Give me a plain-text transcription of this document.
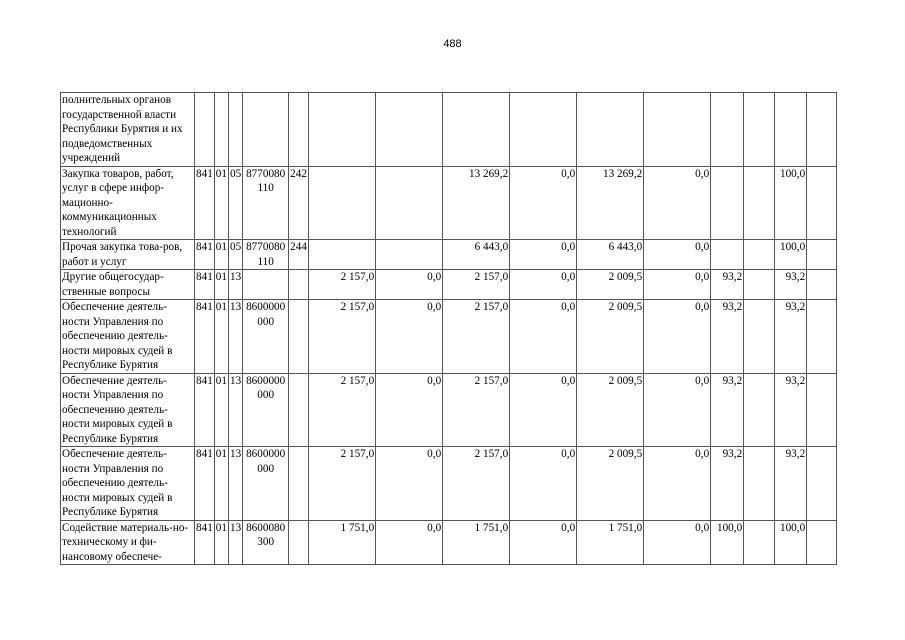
488
полнительных органов государственной власти Республики Бурятия и их подведомственных учреждений															
Закупка товаров, работ, услуг в сфере инфор-мационно-коммуникационных технологий	841	01	05	8770080110	242			13 269,2	0,0	13 269,2	0,0			100,0	
Прочая закупка това-ров, работ и услуг	841	01	05	8770080110	244			6 443,0	0,0	6 443,0	0,0			100,0	
Другие общегосудар-ственные вопросы	841	01	13			2 157,0	0,0	2 157,0	0,0	2 009,5	0,0	93,2		93,2	
Обеспечение деятель-ности Управления по обеспечению деятель-ности мировых судей в Республике Бурятия	841	01	13	8600000000		2 157,0	0,0	2 157,0	0,0	2 009,5	0,0	93,2		93,2	
Обеспечение деятель-ности Управления по обеспечению деятель-ности мировых судей в Республике Бурятия	841	01	13	8600000000		2 157,0	0,0	2 157,0	0,0	2 009,5	0,0	93,2		93,2	
Обеспечение деятель-ности Управления по обеспечению деятель-ности мировых судей в Республике Бурятия	841	01	13	8600000000		2 157,0	0,0	2 157,0	0,0	2 009,5	0,0	93,2		93,2	
Содействие материаль-но-техническому и фи-нансовому обеспече-	841	01	13	8600080300		1 751,0	0,0	1 751,0	0,0	1 751,0	0,0	100,0		100,0	
